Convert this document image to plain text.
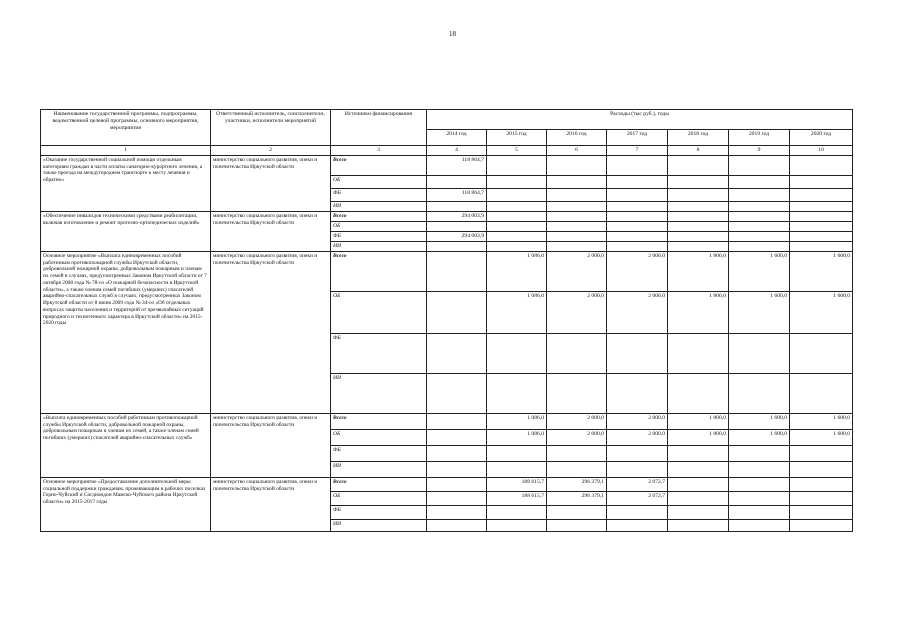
18
Наименование государственной программы, подпрограммы, ведомственной целевой программы, основного мероприятия, мероприятия	Ответственный исполнитель, соисполнители, участники, исполнители мероприятий	Источники финансирования	Расходы (тыс руб.), годы						
			2014 год	2015 год	2016 год	2017 год	2018 год	2019 год	2020 год
1	2	3	4	5	6	7	8	9	10
«Оказание государственной социальной помощи отдельным категориям граждан в части оплаты санаторно-курортного лечения, а также проезда на междугороднем транспорте к месту лечения и обратно»	министерство социального развития, опеки и попечительства Иркутской области	Всего	118 864,7						
		ОБ							
		ФБ	118 864,7						
		ИИ							
«Обеспечение инвалидов техническими средствами реабилитации, включая изготовление и ремонт протезно-ортопедических изделий»	министерство социального развития, опеки и попечительства Иркутской области	Всего	294 003,9						
		ОБ							
		ФБ	294 003,9						
		ИИ							
Основное мероприятие «Выплата единовременных пособий работникам противопожарной службы Иркутской области, добровольной пожарной охраны, добровольным пожарным и членам их семей в случаях, предусмотренных Законом Иркутской области от 7 октября 2008 года № 78-оз «О пожарной безопасности в Иркутской области», а также членам семей погибших (умерших) спасателей аварийно-спасательных служб в случаях, предусмотренных Законом Иркутской области от 8 июня 2009 года № 34-оз «Об отдельных вопросах защиты населения и территорий от чрезвычайных ситуаций природного и техногенного характера в Иркутской области» на 2015-2020 годы	министерство социального развития, опеки и попечительства Иркутской области	Всего		1 086,0	2 000,0	2 000,0	1 800,0	1 600,0	1 600,0
		ОБ		1 086,0	2 000,0	2 000,0	1 800,0	1 600,0	1 600,0
		ФБ							
		ИИ							
«Выплата единовременных пособий работникам противопожарной службы Иркутской области, добровольной пожарной охраны, добровольным пожарным и членам их семей, а также членам семей погибших (умерших) спасателей аварийно-спасательных служб»	министерство социального развития, опеки и попечительства Иркутской области	Всего		1 086,0	2 000,0	2 000,0	1 800,0	1 600,0	1 600,0
		ОБ		1 086,0	2 000,0	2 000,0	1 800,0	1 600,0	1 600,0
		ФБ							
		ИИ							
Основное мероприятие «Предоставление дополнительной меры социальной поддержки гражданам, проживающим в рабочих поселках Горно-Чуйский и Согдиондон Мамско-Чуйского района Иркутской области» на 2015-2017 годы	министерство социального развития, опеки и попечительства Иркутской области	Всего		188 615,7	296 379,1	2 072,7			
		ОБ		188 615,7	296 379,1	2 072,7			
		ФБ							
		ИИ							
